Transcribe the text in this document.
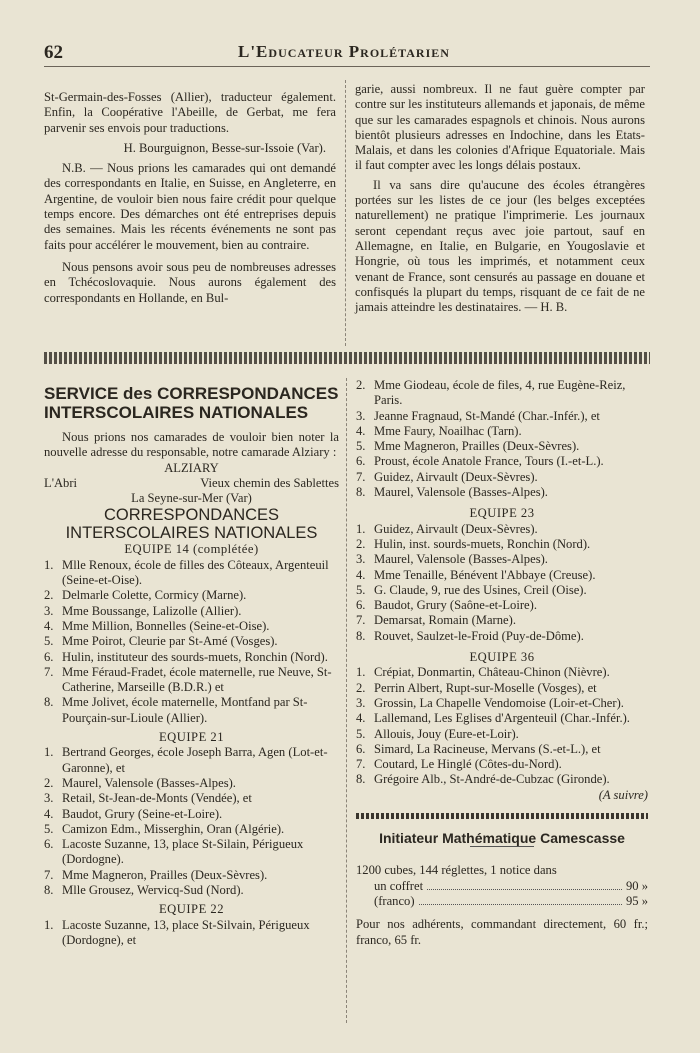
62	L'Educateur Prolétarien

St-Germain-des-Fosses (Allier), traducteur également. Enfin, la Coopérative l'Abeille, de Gerbat, me fera parvenir ses envois pour traductions.

H. Bourguignon, Besse-sur-Issoie (Var).

N.B. — Nous prions les camarades qui ont demandé des correspondants en Italie, en Suisse, en Angleterre, en Argentine, de vouloir bien nous faire crédit pour quelque temps encore. Des démarches ont été entreprises depuis des semaines. Mais les récents événements ne sont pas faits pour accélérer le mouvement, bien au contraire.

Nous pensons avoir sous peu de nombreuses adresses en Tchécoslovaquie. Nous aurons également des correspondants en Hollande, en Bul-

garie, aussi nombreux. Il ne faut guère compter par contre sur les instituteurs allemands et japonais, de même que sur les camarades espagnols et chinois. Nous aurons bientôt plusieurs adresses en Indochine, dans les Etats-Malais, et dans les colonies d'Afrique Equatoriale. Mais il faut compter avec les longs délais postaux.

Il va sans dire qu'aucune des écoles étrangères portées sur les listes de ce jour (les belges exceptées naturellement) ne pratique l'imprimerie. Les journaux seront cependant reçus avec joie partout, sauf en Allemagne, en Italie, en Bulgarie, en Yougoslavie et Hongrie, où tous les imprimés, et notamment ceux venant de France, sont censurés au passage en douane et confisqués la plupart du temps, risquant de ce fait de ne jamais atteindre les destinataires. — H. B.

SERVICE des CORRESPONDANCES INTERSCOLAIRES NATIONALES

Nous prions nos camarades de vouloir bien noter la nouvelle adresse du responsable, notre camarade Alziary :

ALZIARY

L'Abri	Vieux chemin des Sablettes

La Seyne-sur-Mer (Var)

CORRESPONDANCES INTERSCOLAIRES NATIONALES

EQUIPE 14 (complétée)

1. Mlle Renoux, école de filles des Côteaux, Argenteuil (Seine-et-Oise).
2. Delmarle Colette, Cormicy (Marne).
3. Mme Boussange, Lalizolle (Allier).
4. Mme Million, Bonnelles (Seine-et-Oise).
5. Mme Poirot, Cleurie par St-Amé (Vosges).
6. Hulin, instituteur des sourds-muets, Ronchin (Nord).
7. Mme Féraud-Fradet, école maternelle, rue Neuve, St-Catherine, Marseille (B.D.R.) et
8. Mme Jolivet, école maternelle, Montfand par St-Pourçain-sur-Lioule (Allier).

EQUIPE 21

1. Bertrand Georges, école Joseph Barra, Agen (Lot-et-Garonne), et
2. Maurel, Valensole (Basses-Alpes).
3. Retail, St-Jean-de-Monts (Vendée), et
4. Baudot, Grury (Seine-et-Loire).
5. Camizon Edm., Misserghin, Oran (Algérie).
6. Lacoste Suzanne, 13, place St-Silain, Périgueux (Dordogne).
7. Mme Magneron, Prailles (Deux-Sèvres).
8. Mlle Grousez, Wervicq-Sud (Nord).

EQUIPE 22

1. Lacoste Suzanne, 13, place St-Silvain, Périgueux (Dordogne), et
2. Mme Giodeau, école de files, 4, rue Eugène-Reiz, Paris.
3. Jeanne Fragnaud, St-Mandé (Char.-Infér.), et
4. Mme Faury, Noailhac (Tarn).
5. Mme Magneron, Prailles (Deux-Sèvres).
6. Proust, école Anatole France, Tours (I.-et-L.).
7. Guidez, Airvault (Deux-Sèvres).
8. Maurel, Valensole (Basses-Alpes).

EQUIPE 23

1. Guidez, Airvault (Deux-Sèvres).
2. Hulin, inst. sourds-muets, Ronchin (Nord).
3. Maurel, Valensole (Basses-Alpes).
4. Mme Tenaille, Bénévent l'Abbaye (Creuse).
5. G. Claude, 9, rue des Usines, Creil (Oise).
6. Baudot, Grury (Saône-et-Loire).
7. Demarsat, Romain (Marne).
8. Rouvet, Saulzet-le-Froid (Puy-de-Dôme).

EQUIPE 36

1. Crépiat, Donmartin, Château-Chinon (Nièvre).
2. Perrin Albert, Rupt-sur-Moselle (Vosges), et
3. Grossin, La Chapelle Vendomoise (Loir-et-Cher).
4. Lallemand, Les Eglises d'Argenteuil (Char.-Infér.).
5. Allouis, Jouy (Eure-et-Loir).
6. Simard, La Racineuse, Mervans (S.-et-L.), et
7. Coutard, Le Hinglé (Côtes-du-Nord).
8. Grégoire Alb., St-André-de-Cubzac (Gironde).

(A suivre)

Initiateur Mathématique Camescasse

1200 cubes, 144 réglettes, 1 notice dans

un coffret	90 »
(franco)	95 »

Pour nos adhérents, commandant directement, 60 fr.; franco, 65 fr.
